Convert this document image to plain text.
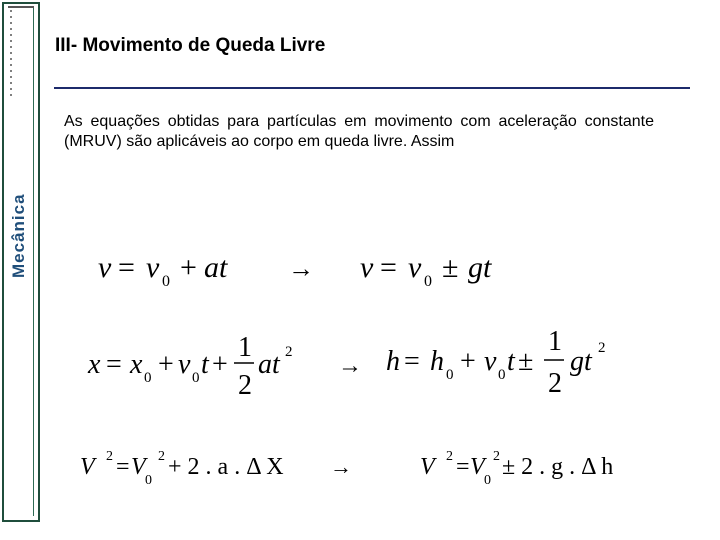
Mecânica
III- Movimento de Queda Livre
As equações obtidas para partículas em movimento com aceleração constante (MRUV) são aplicáveis ao corpo em queda livre. Assim
v = v 0 + at → v = v 0 ± gt
x = x 0 + v 0 t +
1
2
at 2
→ h = h 0 + v 0 t ±
1
2
gt 2
V 2 = V
0
2 + 2 . a . Δ X →	V 2 = V
0
2 ± 2 . g . Δ h
